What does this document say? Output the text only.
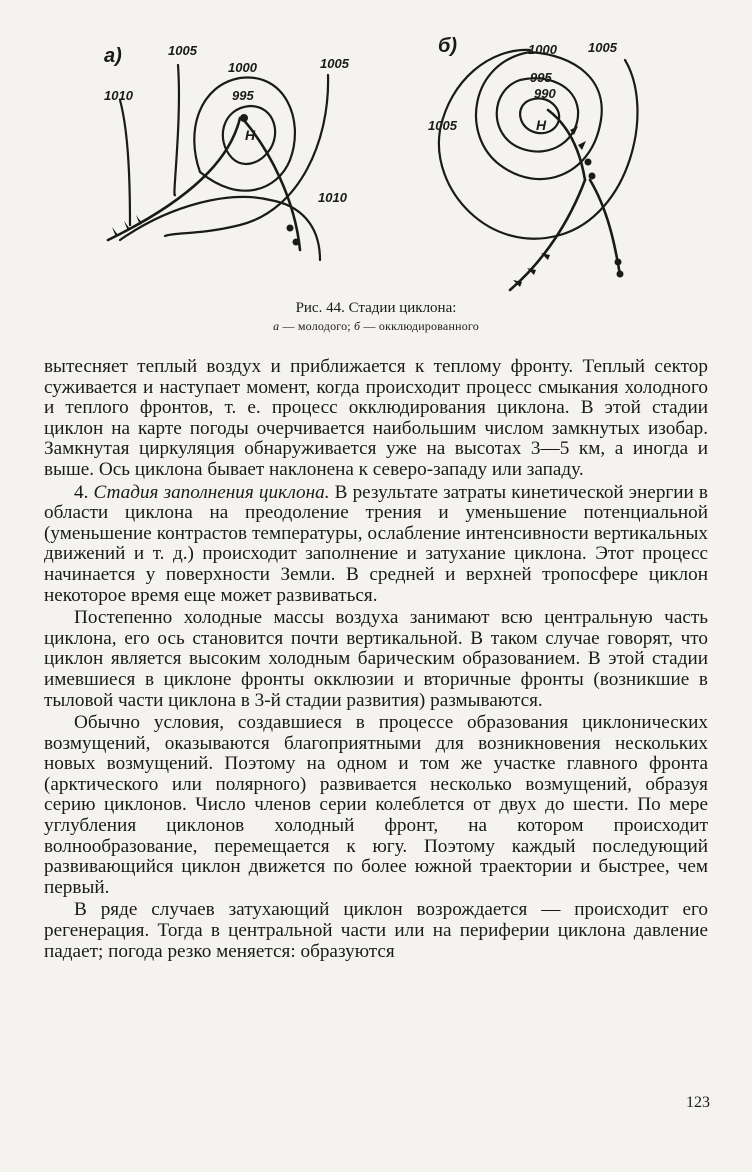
а)
1010
1005
1000
995
1005
1010
Н
б)	1000 1005
995
990
1005	Н
Рис. 44. Стадии циклона:
а — молодого; б — окклюдированного

вытесняет теплый воздух и приближается к теплому фронту. Теплый сектор суживается и наступает момент, когда происходит процесс смыкания холодного и теплого фронтов, т. е. процесс окклюдирования циклона. В этой стадии циклон на карте погоды очерчивается наибольшим числом замкнутых изобар. Замкнутая циркуляция обнаруживается уже на высотах 3—5 км, а иногда и выше. Ось циклона бывает наклонена к северо-западу или западу.

4. Стадия заполнения циклона. В результате затраты кинетической энергии в области циклона на преодоление трения и уменьшение потенциальной (уменьшение контрастов температуры, ослабление интенсивности вертикальных движений и т. д.) происходит заполнение и затухание циклона. Этот процесс начинается у поверхности Земли. В средней и верхней тропосфере циклон некоторое время еще может развиваться.

Постепенно холодные массы воздуха занимают всю центральную часть циклона, его ось становится почти вертикальной. В таком случае говорят, что циклон является высоким холодным барическим образованием. В этой стадии имевшиеся в циклоне фронты окклюзии и вторичные фронты (возникшие в тыловой части циклона в 3-й стадии развития) размываются.

Обычно условия, создавшиеся в процессе образования циклонических возмущений, оказываются благоприятными для возникновения нескольких новых возмущений. Поэтому на одном и том же участке главного фронта (арктического или полярного) развивается несколько возмущений, образуя серию циклонов. Число членов серии колеблется от двух до шести. По мере углубления циклонов холодный фронт, на котором происходит волнообразование, перемещается к югу. Поэтому каждый последующий развивающийся циклон движется по более южной траектории и быстрее, чем первый.

В ряде случаев затухающий циклон возрождается — происходит его регенерация. Тогда в центральной части или на периферии циклона давление падает; погода резко меняется: образуются

123
